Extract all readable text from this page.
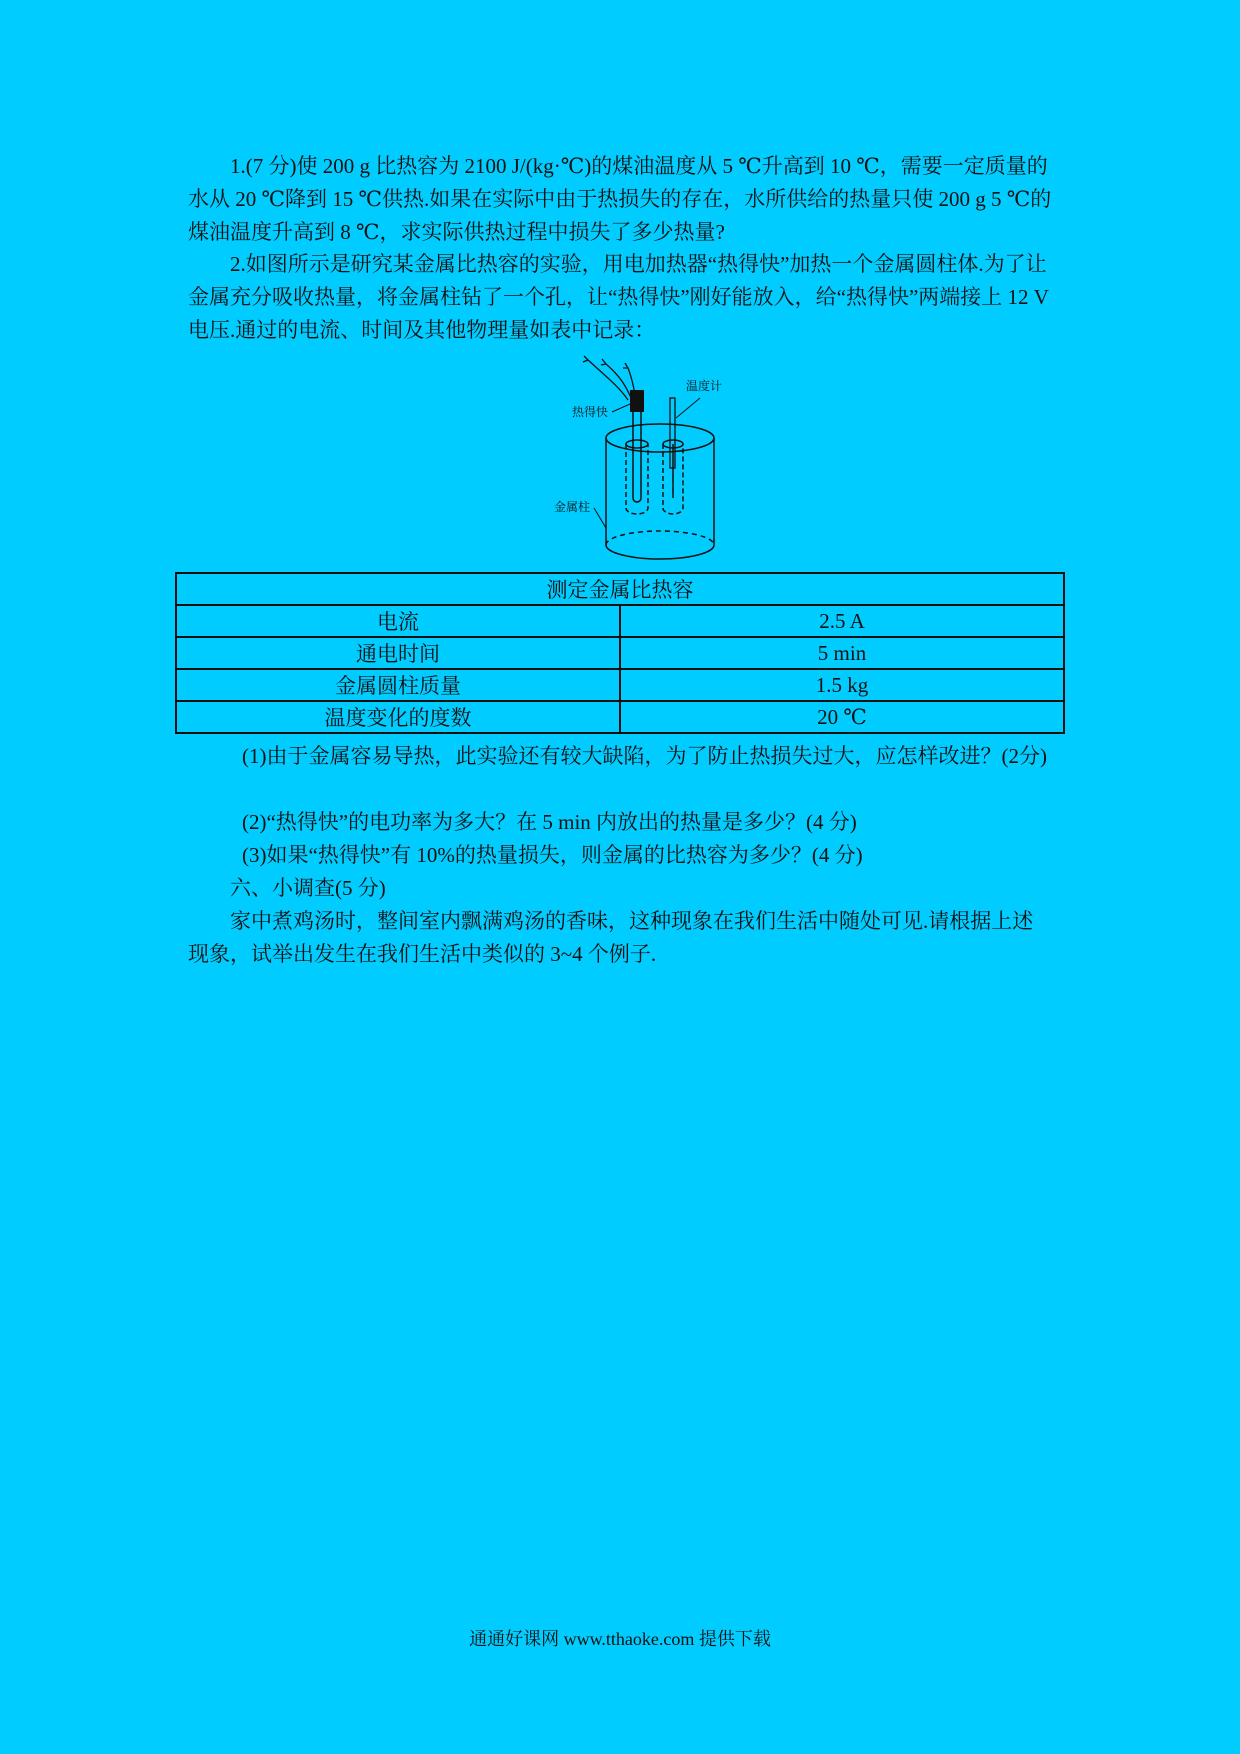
1.(7 分)使 200 g 比热容为 2100 J/(kg·℃)的煤油温度从 5 ℃升高到 10 ℃，需要一定质量的水从 20 ℃降到 15 ℃供热.如果在实际中由于热损失的存在，水所供给的热量只使 200 g 5 ℃的煤油温度升高到 8 ℃，求实际供热过程中损失了多少热量?

2.如图所示是研究某金属比热容的实验，用电加热器“热得快”加热一个金属圆柱体.为了让金属充分吸收热量，将金属柱钻了一个孔，让“热得快”刚好能放入，给“热得快”两端接上 12 V 电压.通过的电流、时间及其他物理量如表中记录：

热得快
温度计
金属柱
测定金属比热容	
电流	2.5 A
通电时间	5 min
金属圆柱质量	1.5 kg
温度变化的度数	20 ℃

(1)由于金属容易导热，此实验还有较大缺陷，为了防止热损失过大，应怎样改进？(2分)

(2)“热得快”的电功率为多大？在 5 min 内放出的热量是多少？(4 分)

(3)如果“热得快”有 10%的热量损失，则金属的比热容为多少？(4 分)

六、小调查(5 分)

家中煮鸡汤时，整间室内飘满鸡汤的香味，这种现象在我们生活中随处可见.请根据上述现象，试举出发生在我们生活中类似的 3~4 个例子.

通通好课网 www.tthaoke.com 提供下载
